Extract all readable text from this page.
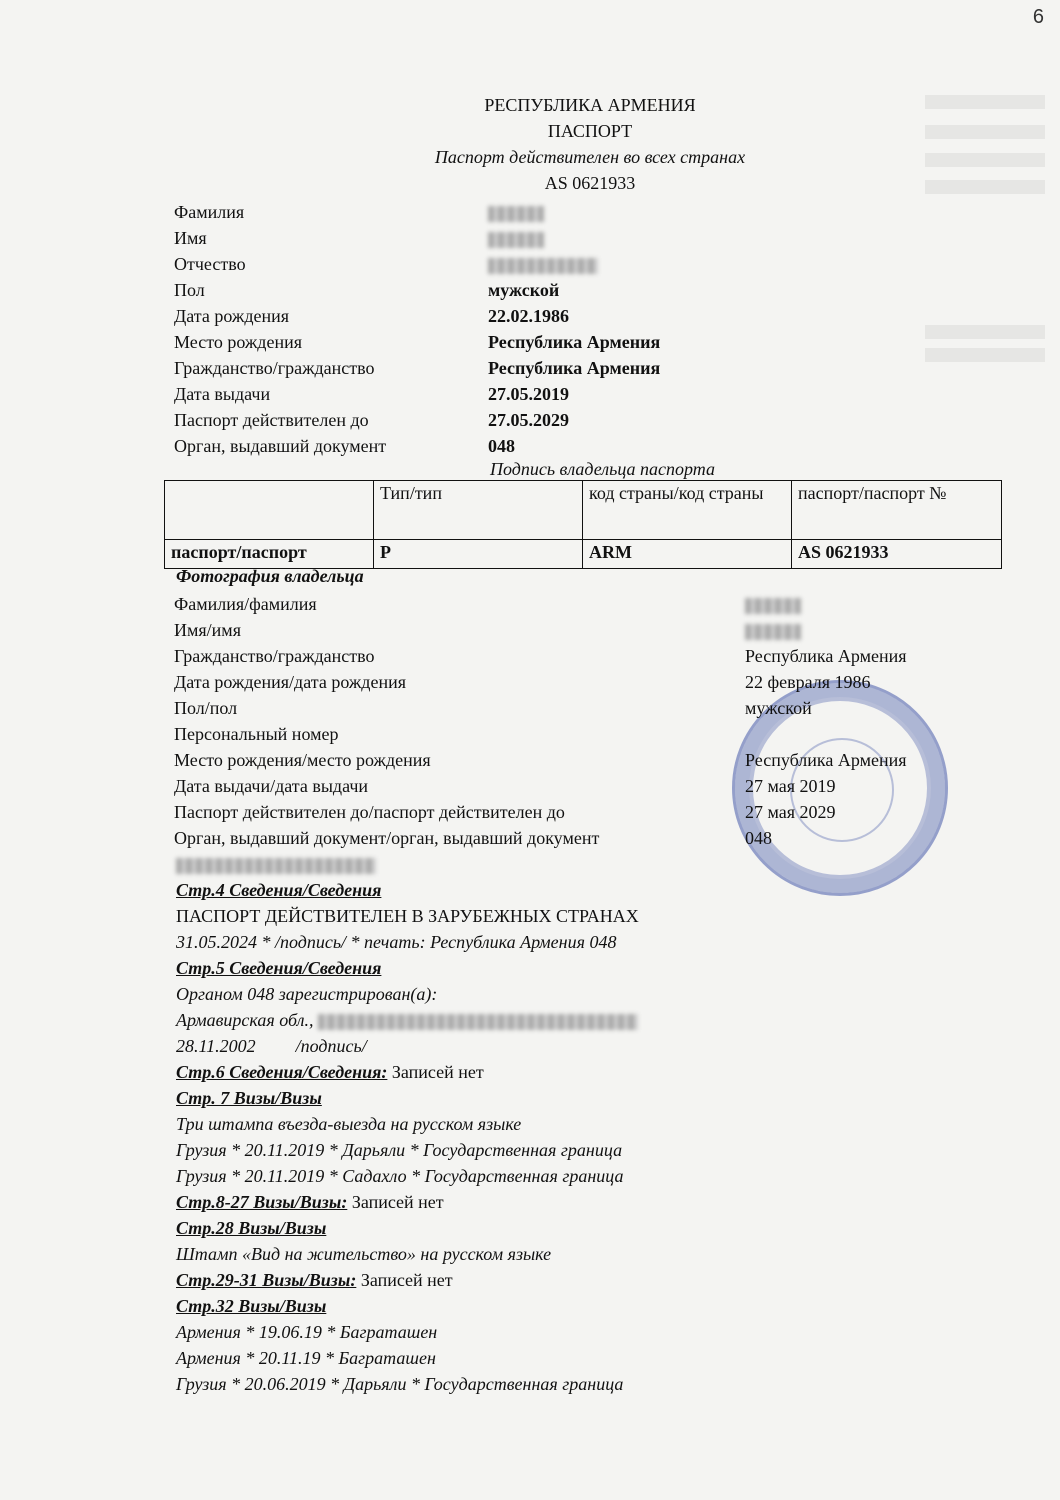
6
РЕСПУБЛИКА АРМЕНИЯ
ПАСПОРТ
Паспорт действителен во всех странах
AS 0621933
Фамилия
Имя
Отчество
Пол	мужской
Дата рождения	22.02.1986
Место рождения	Республика Армения
Гражданство/гражданство	Республика Армения
Дата выдачи	27.05.2019
Паспорт действителен до	27.05.2029
Орган, выдавший документ	048
Подпись владельца паспорта
	Тип/тип	код страны/код страны	паспорт/паспорт №
паспорт/паспорт	P	ARM	AS 0621933
Фотография владельца
Фамилия/фамилия
Имя/имя
Гражданство/гражданство	Республика Армения
Дата рождения/дата рождения	22 февраля 1986
Пол/пол	мужской
Персональный номер
Место рождения/место рождения	Республика Армения
Дата выдачи/дата выдачи	27 мая 2019
Паспорт действителен до/паспорт действителен до	27 мая 2029
Орган, выдавший документ/орган, выдавший документ	048
Стр.4 Сведения/Сведения
ПАСПОРТ ДЕЙСТВИТЕЛЕН В ЗАРУБЕЖНЫХ СТРАНАХ
31.05.2024 * /подпись/ * печать: Республика Армения 048
Стр.5 Сведения/Сведения
Органом 048 зарегистрирован(а):
Армавирская обл.,
28.11.2002 /подпись/
Стр.6 Сведения/Сведения: Записей нет
Стр. 7 Визы/Визы
Три штампа въезда-выезда на русском языке
Грузия * 20.11.2019 * Дарьяли * Государственная граница
Грузия * 20.11.2019 * Садахло * Государственная граница
Стр.8-27 Визы/Визы: Записей нет
Стр.28 Визы/Визы
Штамп «Вид на жительство» на русском языке
Стр.29-31 Визы/Визы: Записей нет
Стр.32 Визы/Визы
Армения * 19.06.19 * Баграташен
Армения * 20.11.19 * Баграташен
Грузия * 20.06.2019 * Дарьяли * Государственная граница
